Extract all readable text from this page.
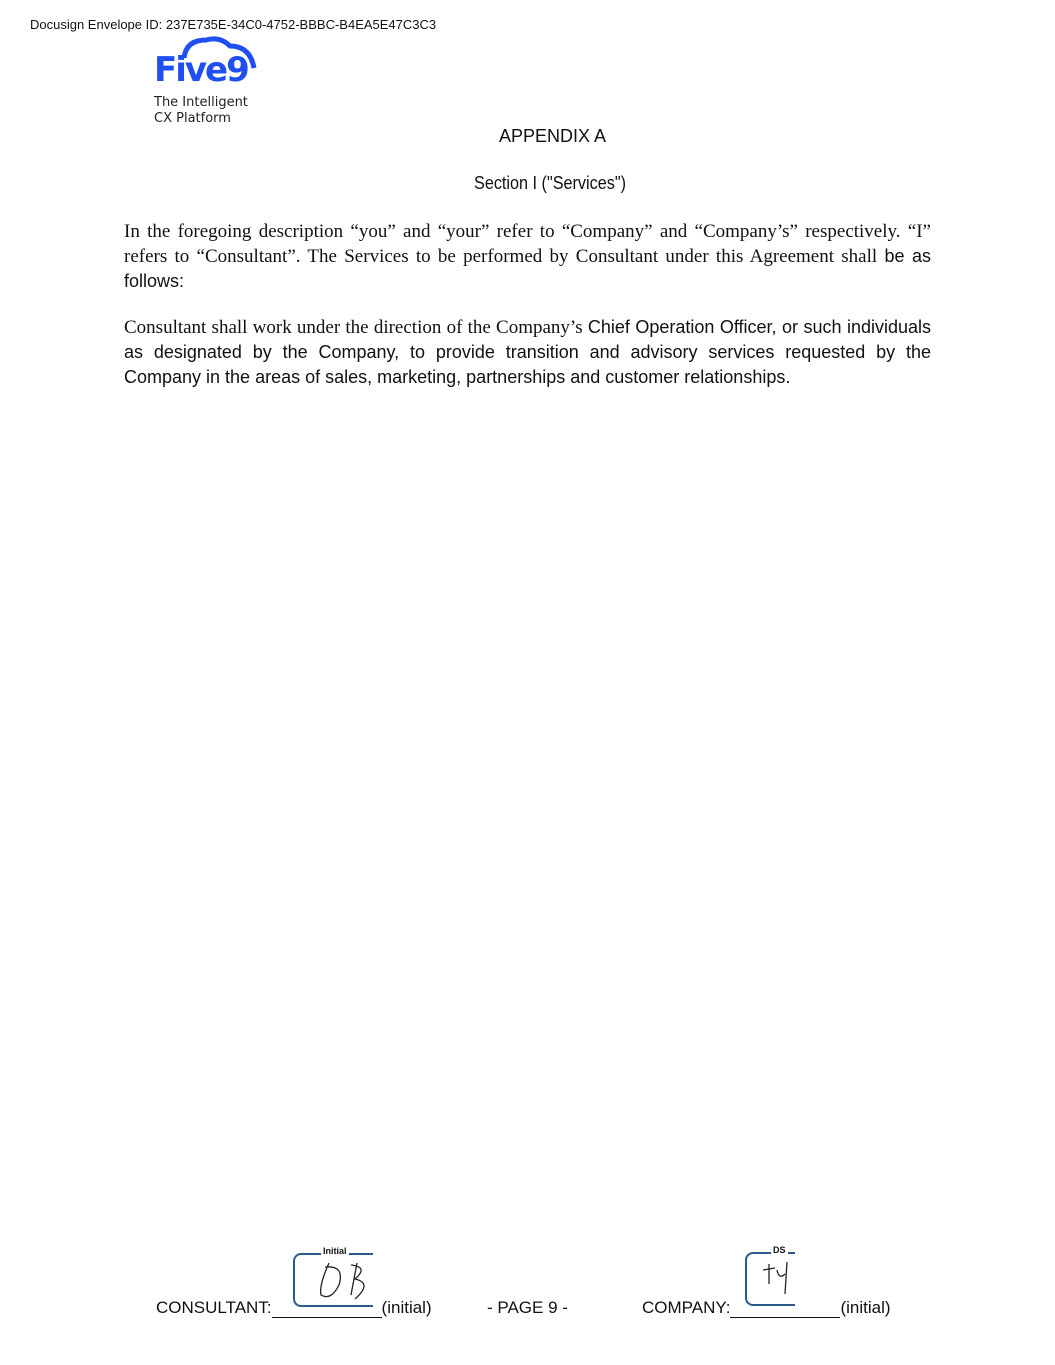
Docusign Envelope ID: 237E735E-34C0-4752-BBBC-B4EA5E47C3C3
Five9
The Intelligent
CX Platform
APPENDIX A
Section I ("Services")
In the foregoing description “you” and “your” refer to “Company” and “Company’s” respectively. “I” refers to “Consultant”. The Services to be performed by Consultant under this Agreement shall be as follows:
Consultant shall work under the direction of the Company’s Chief Operation Officer, or such individuals as designated by the Company, to provide transition and advisory services requested by the Company in the areas of sales, marketing, partnerships and customer relationships.
Initial	DS
CONSULTANT:	(initial)	- PAGE 9 -	COMPANY:	(initial)
